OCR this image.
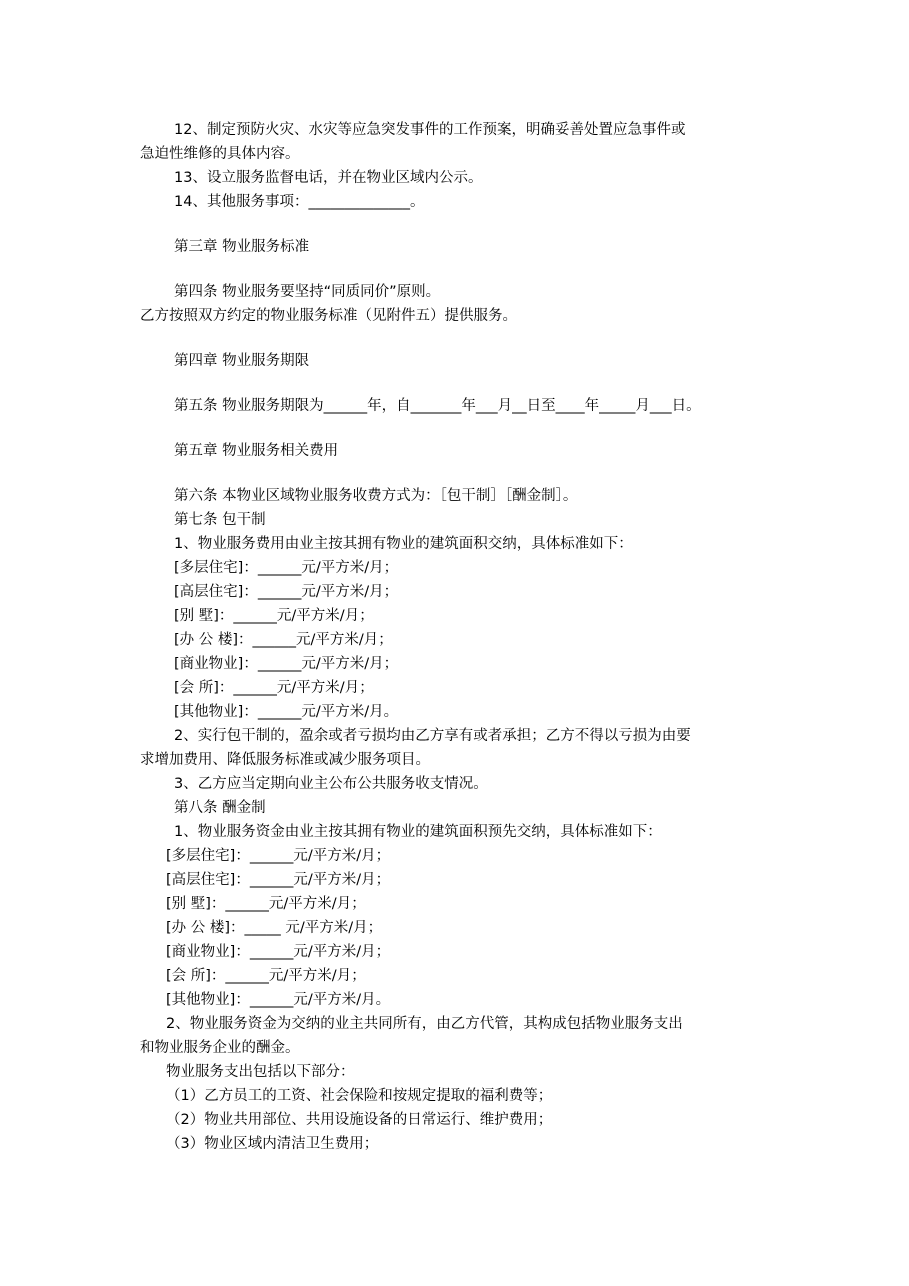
12、制定预防火灾、水灾等应急突发事件的工作预案，明确妥善处置应急事件或
急迫性维修的具体内容。
13、设立服务监督电话，并在物业区域内公示。
14、其他服务事项：______________。
第三章 物业服务标准
第四条 物业服务要坚持“同质同价”原则。
乙方按照双方约定的物业服务标准（见附件五）提供服务。
第四章 物业服务期限
第五条 物业服务期限为______年，自_______年___月__日至____年_____月___日。
第五章 物业服务相关费用
第六条 本物业区域物业服务收费方式为：［包干制］［酬金制］。
第七条 包干制
1、物业服务费用由业主按其拥有物业的建筑面积交纳，具体标准如下：
[多层住宅]：______元/平方米/月；
[高层住宅]：______元/平方米/月；
[别 墅]：______元/平方米/月；
[办 公 楼]：______元/平方米/月；
[商业物业]：______元/平方米/月；
[会 所]：______元/平方米/月；
[其他物业]：______元/平方米/月。
2、实行包干制的，盈余或者亏损均由乙方享有或者承担；乙方不得以亏损为由要
求增加费用、降低服务标准或减少服务项目。
3、乙方应当定期向业主公布公共服务收支情况。
第八条 酬金制
1、物业服务资金由业主按其拥有物业的建筑面积预先交纳，具体标准如下：
[多层住宅]：______元/平方米/月；
[高层住宅]：______元/平方米/月；
[别 墅]：______元/平方米/月；
[办 公 楼]：_____ 元/平方米/月；
[商业物业]：______元/平方米/月；
[会 所]：______元/平方米/月；
[其他物业]：______元/平方米/月。
2、物业服务资金为交纳的业主共同所有，由乙方代管，其构成包括物业服务支出
和物业服务企业的酬金。
物业服务支出包括以下部分：
（1）乙方员工的工资、社会保险和按规定提取的福利费等；
（2）物业共用部位、共用设施设备的日常运行、维护费用；
（3）物业区域内清洁卫生费用；
